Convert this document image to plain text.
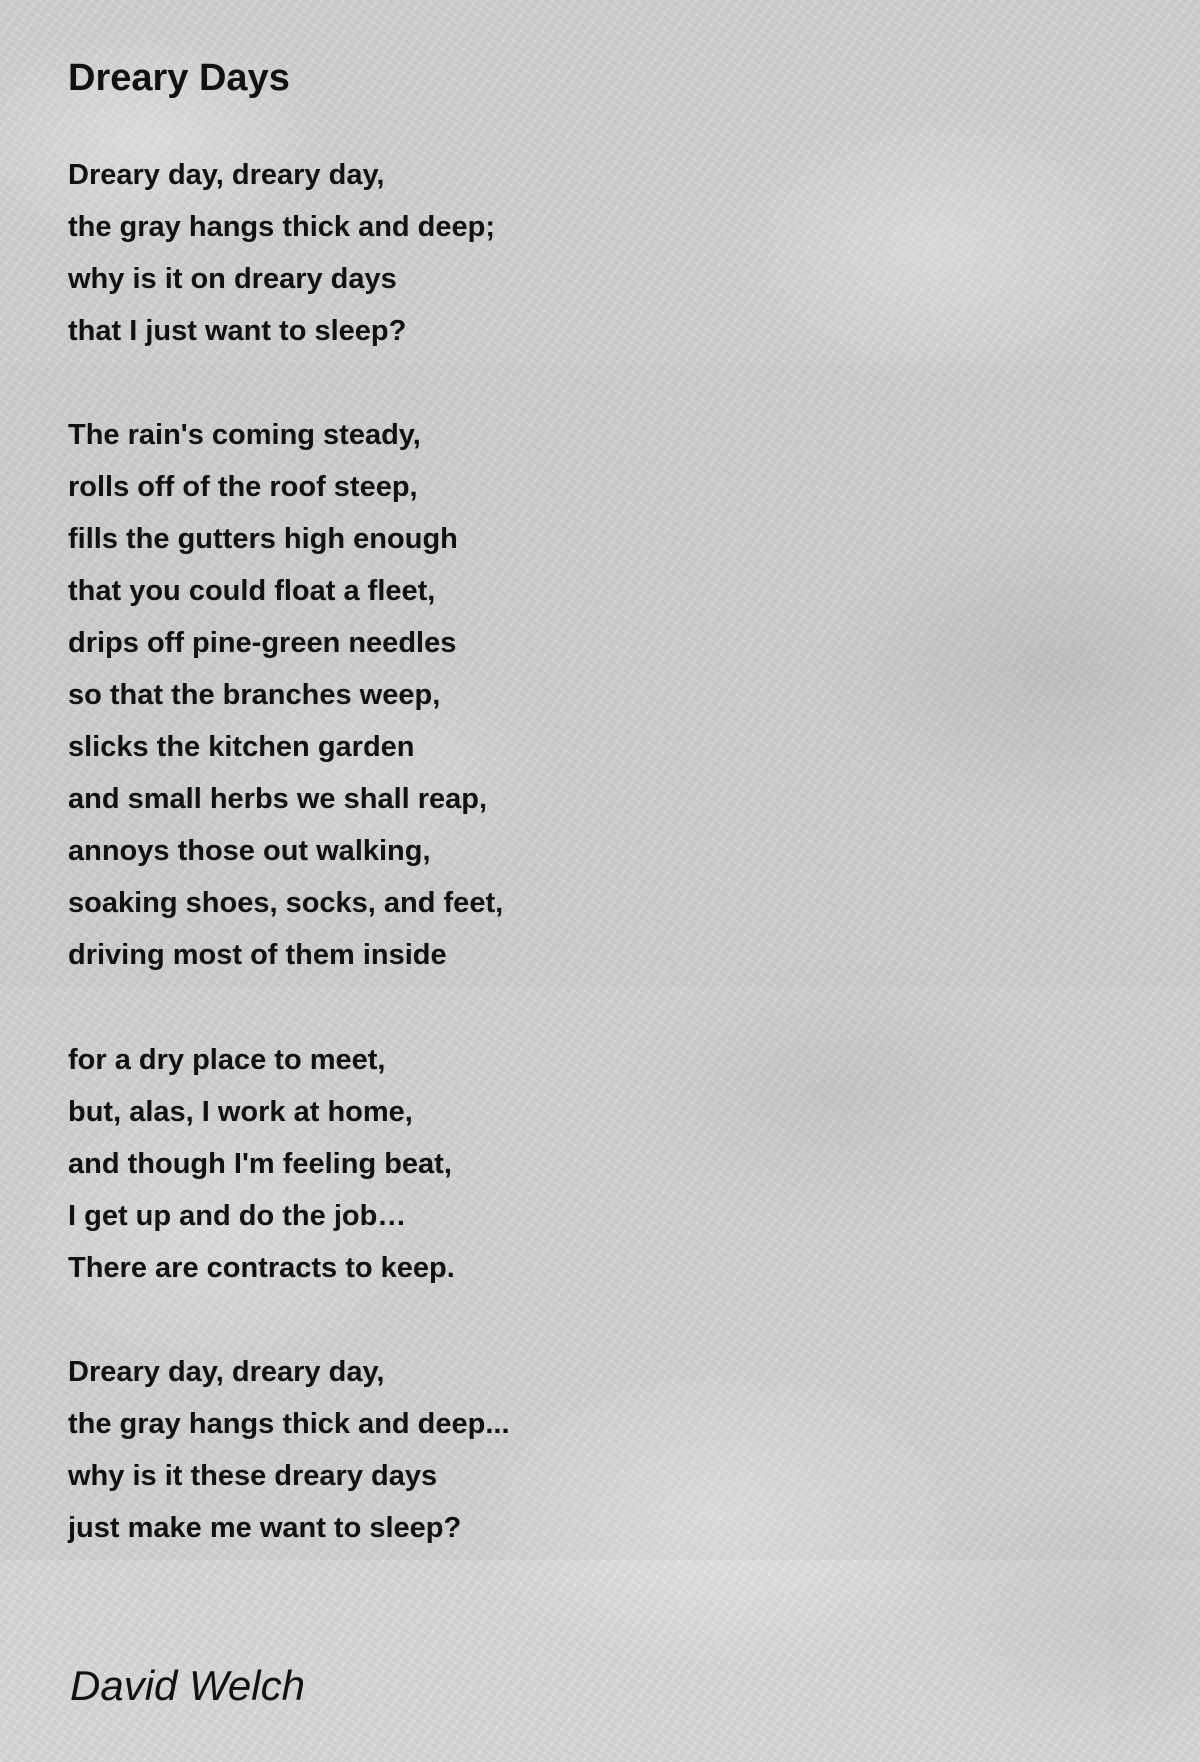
Dreary Days
Dreary day, dreary day,
the gray hangs thick and deep;
why is it on dreary days
that I just want to sleep?
The rain's coming steady,
rolls off of the roof steep,
fills the gutters high enough
that you could float a fleet,
drips off pine-green needles
so that the branches weep,
slicks the kitchen garden
and small herbs we shall reap,
annoys those out walking,
soaking shoes, socks, and feet,
driving most of them inside
for a dry place to meet,
but, alas, I work at home,
and though I'm feeling beat,
I get up and do the job…
There are contracts to keep.
Dreary day, dreary day,
the gray hangs thick and deep...
why is it these dreary days
just make me want to sleep?
David Welch
